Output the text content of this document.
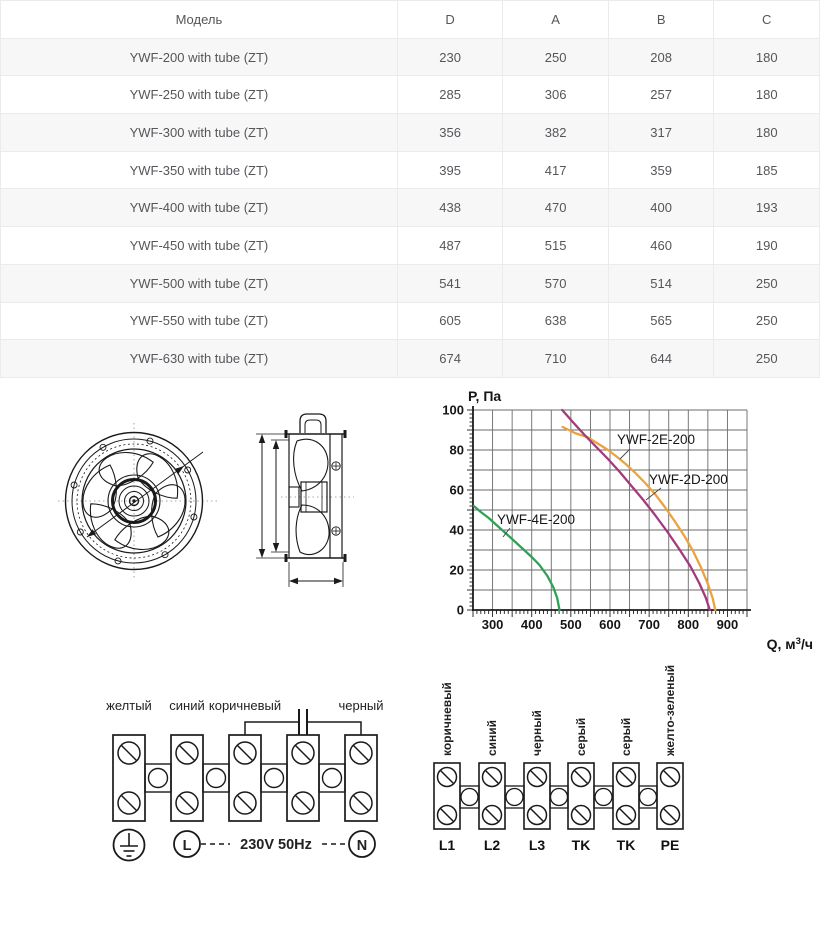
Модель	D	A	B	C
YWF-200 with tube (ZT)	230	250	208	180
YWF-250 with tube (ZT)	285	306	257	180
YWF-300 with tube (ZT)	356	382	317	180
YWF-350 with tube (ZT)	395	417	359	185
YWF-400 with tube (ZT)	438	470	400	193
YWF-450 with tube (ZT)	487	515	460	190
YWF-500 with tube (ZT)	541	570	514	250
YWF-550 with tube (ZT)	605	638	565	250
YWF-630 with tube (ZT)	674	710	644	250
300 400 500 600 700 800 900
0
20
40
60
80
100
P, Па
Q, $м^3/ч$
YWF-4E-200
YWF-2E-200
YWF-2D-200
желтый синий коричневый	черный
L	230V 50Hz	N
коричневый
L1
синий
L2
черный
L3
серый
TK
серый
TK
желто-зеленый
PE
